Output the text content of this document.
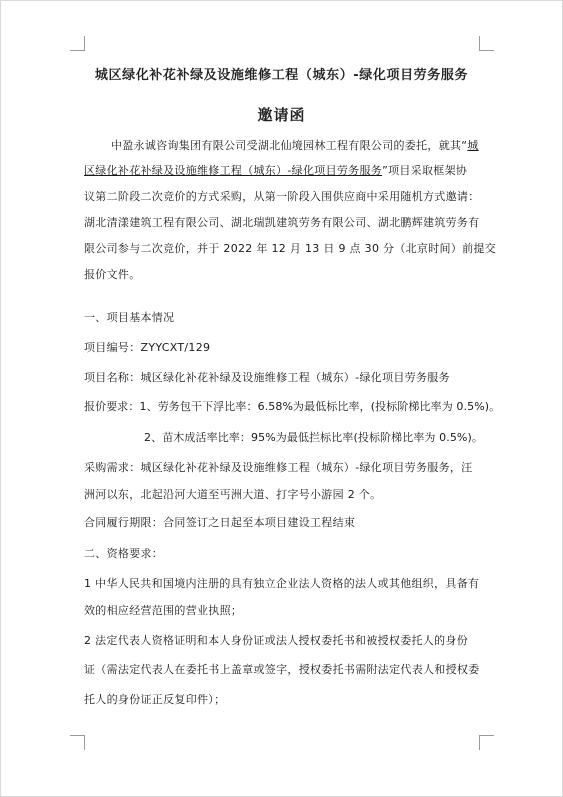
城区绿化补花补绿及设施维修工程（城东）-绿化项目劳务服务
邀请函
中盈永诚咨询集团有限公司受湖北仙境园林工程有限公司的委托，就其“城
区绿化补花补绿及设施维修工程（城东）-绿化项目劳务服务”项目采取框架协
议第二阶段二次竞价的方式采购，从第一阶段入围供应商中采用随机方式邀请：
湖北清漾建筑工程有限公司、湖北瑞凯建筑劳务有限公司、湖北鹏辉建筑劳务有
限公司参与二次竞价，并于 2022 年 12 月 13 日 9 点 30 分（北京时间）前提交
报价文件。
一、项目基本情况
项目编号：ZYYCXT/129
项目名称：城区绿化补花补绿及设施维修工程（城东）-绿化项目劳务服务
报价要求：1、劳务包干下浮比率：6.58%为最低标比率，(投标阶梯比率为 0.5%)。
2、苗木成活率比率：95%为最低拦标比率(投标阶梯比率为 0.5%)。
采购需求：城区绿化补花补绿及设施维修工程（城东）-绿化项目劳务服务，汪
洲河以东，北起沿河大道至丐洲大道、打字号小游园 2 个。
合同履行期限：合同签订之日起至本项目建设工程结束
二、资格要求：
1 中华人民共和国境内注册的具有独立企业法人资格的法人或其他组织，具备有
效的相应经营范围的营业执照；
2 法定代表人资格证明和本人身份证或法人授权委托书和被授权委托人的身份
证（需法定代表人在委托书上盖章或签字，授权委托书需附法定代表人和授权委
托人的身份证正反复印件）；
